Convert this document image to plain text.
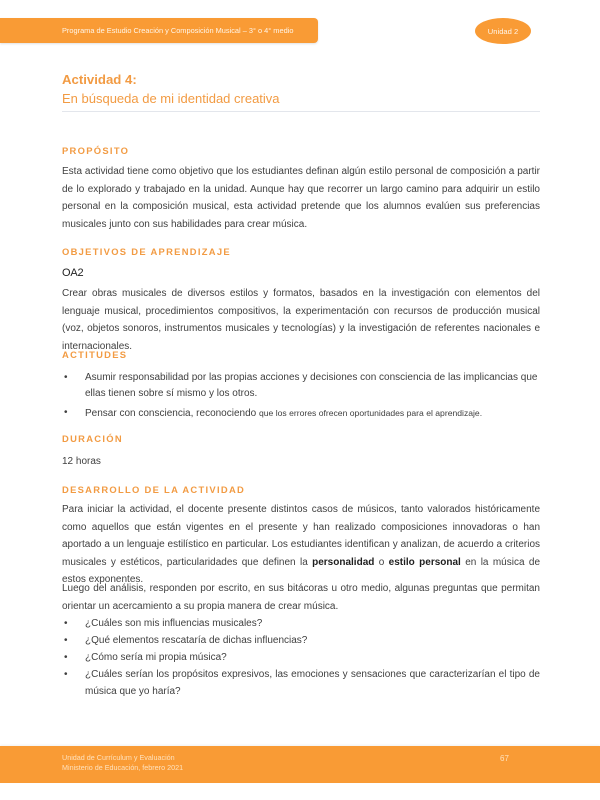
Programa de Estudio Creación y Composición Musical – 3° o 4° medio	Unidad 2
Actividad 4:
En búsqueda de mi identidad creativa
PROPÓSITO

Esta actividad tiene como objetivo que los estudiantes definan algún estilo personal de composición a partir de lo explorado y trabajado en la unidad. Aunque hay que recorrer un largo camino para adquirir un estilo personal en la composición musical, esta actividad pretende que los alumnos evalúen sus preferencias musicales junto con sus habilidades para crear música.

OBJETIVOS DE APRENDIZAJE
OA2

Crear obras musicales de diversos estilos y formatos, basados en la investigación con elementos del lenguaje musical, procedimientos compositivos, la experimentación con recursos de producción musical (voz, objetos sonoros, instrumentos musicales y tecnologías) y la investigación de referentes nacionales e internacionales.

ACTITUDES
• Asumir responsabilidad por las propias acciones y decisiones con consciencia de las implicancias que ellas tienen sobre sí mismo y los otros.
• Pensar con consciencia, reconociendo que los errores ofrecen oportunidades para el aprendizaje.
DURACIÓN

12 horas

DESARROLLO DE LA ACTIVIDAD

Para iniciar la actividad, el docente presente distintos casos de músicos, tanto valorados históricamente como aquellos que están vigentes en el presente y han realizado composiciones innovadoras o han aportado a un lenguaje estilístico en particular. Los estudiantes identifican y analizan, de acuerdo a criterios musicales y estéticos, particularidades que definen la personalidad o estilo personal en la música de estos exponentes.

Luego del análisis, responden por escrito, en sus bitácoras u otro medio, algunas preguntas que permitan orientar un acercamiento a su propia manera de crear música.

• ¿Cuáles son mis influencias musicales?
• ¿Qué elementos rescataría de dichas influencias?
• ¿Cómo sería mi propia música?
• ¿Cuáles serían los propósitos expresivos, las emociones y sensaciones que caracterizarían el tipo de música que yo haría?
Unidad de Currículum y Evaluación
Ministerio de Educación, febrero 2021
67
